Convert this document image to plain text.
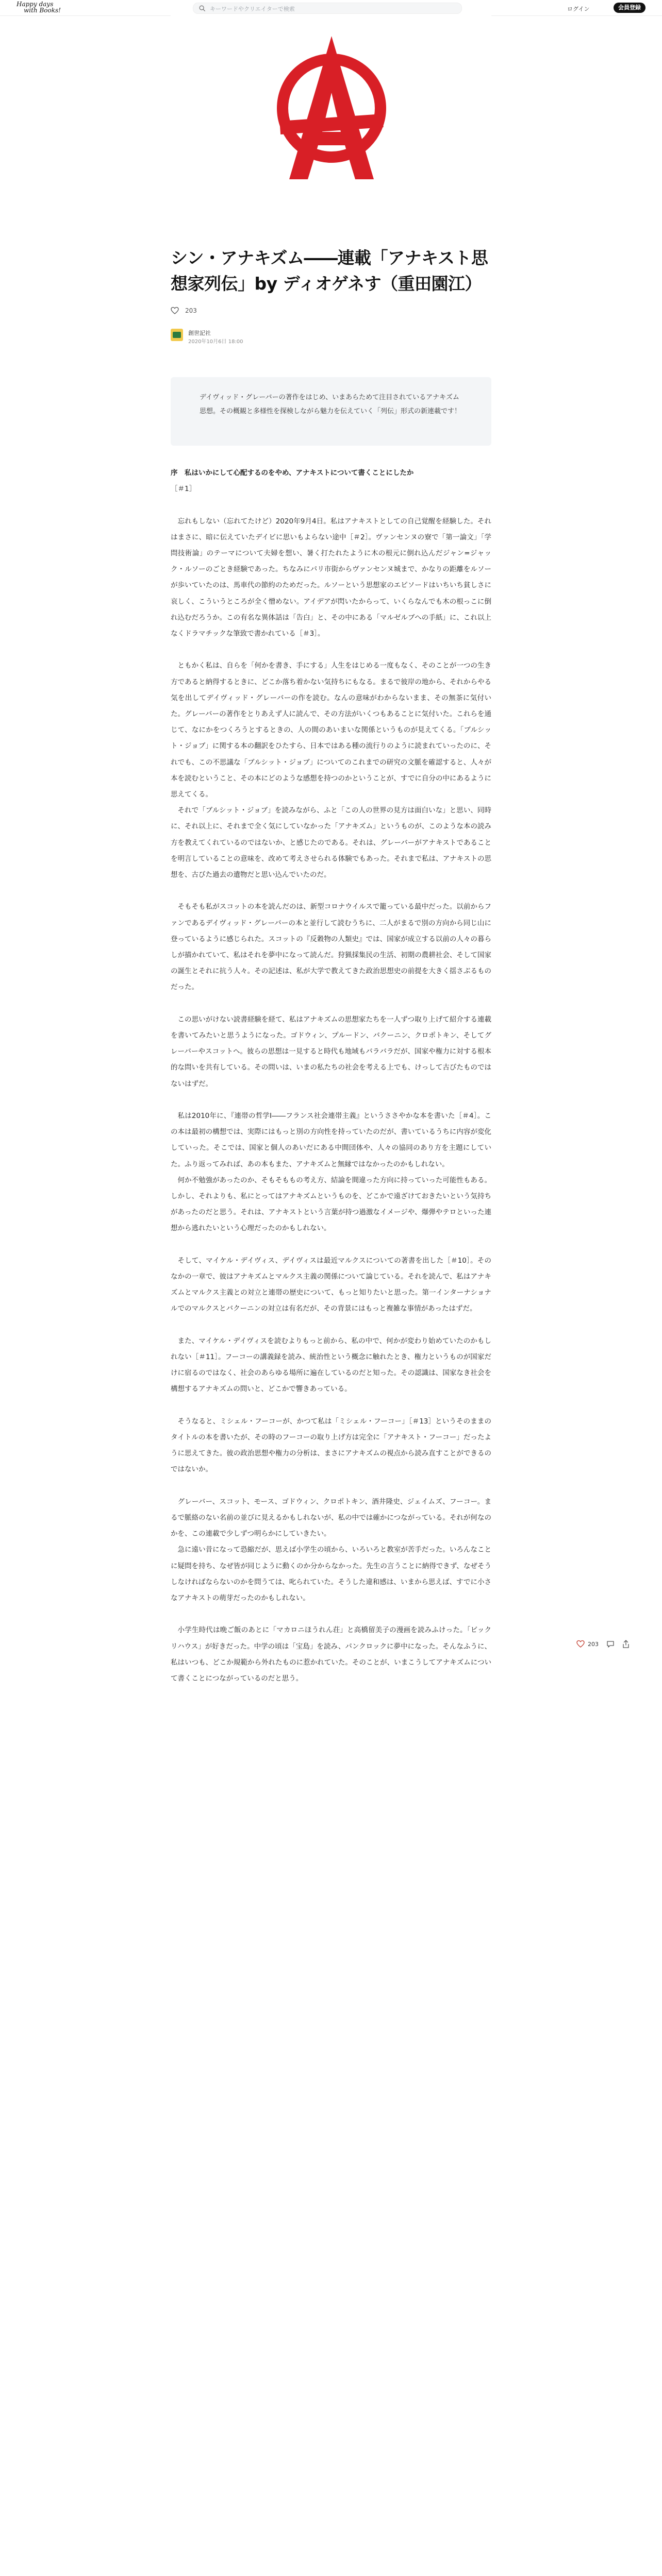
Happy days
with Books!
キーワードやクリエイターで検索	ログイン	会員登録
シン・アナキズム――連載「アナキスト思想家列伝」by ディオゲネす（重田園江）
203
創世記社
2020年10月6日 18:00
デイヴィッド・グレーバーの著作をはじめ、いまあらためて注目されているアナキズム思想。その概観と多様性を探検しながら魅力を伝えていく「列伝」形式の新連載です！

序　私はいかにして心配するのをやめ、アナキストについて書くことにしたか

［＃1］

忘れもしない（忘れてたけど）2020年9月4日。私はアナキストとしての自己覚醒を経験した。それはまさに、暗に伝えていたデイビに思いもよらない途中［＃2］。ヴァンセンヌの寮で「第一論文」「学問技術論」のテーマについて夫婦を想い、暑く打たれたように木の根元に倒れ込んだジャン=ジャック・ルソーのごとき経験であった。ちなみにパリ市街からヴァンセンヌ城まで、かなりの距離をルソーが歩いていたのは、馬車代の節約のためだった。ルソーという思想家のエピソードはいちいち貧しさに哀しく、こういうところが全く憎めない。アイデアが閃いたからって、いくらなんでも木の根っこに倒れ込むだろうか。この有名な異体話は「告白」と、その中にある「マルゼルブへの手紙」に、これ以上なくドラマチックな筆致で書かれている［＃3］。

ともかく私は、自らを「何かを書き、手にする」人生をはじめる一度もなく、そのことが一つの生き方であると納得するときに、どこか落ち着かない気持ちにもなる。まるで彼岸の地から、それからやる気を出してデイヴィッド・グレーバーの作を読む。なんの意味がわからないまま、その無茶に気付いた。グレーバーの著作をとりあえず人に読んで、その方法がいくつもあることに気付いた。これらを通じて、なにかをつくろうとするときの、人の間のあいまいな関係というものが見えてくる。「ブルシット・ジョブ」に関する本の翻訳をひたすら、日本ではある種の流行りのように読まれていったのに、それでも、この不思議な「ブルシット・ジョブ」についてのこれまでの研究の文脈を確認すると、人々が本を読むということ、その本にどのような感想を持つのかということが、すでに自分の中にあるように思えてくる。

それで「ブルシット・ジョブ」を読みながら、ふと「この人の世界の見方は面白いな」と思い、同時に、それ以上に、それまで全く気にしていなかった「アナキズム」というものが、このような本の読み方を教えてくれているのではないか、と感じたのである。それは、グレーバーがアナキストであることを明言していることの意味を、改めて考えさせられる体験でもあった。それまで私は、アナキストの思想を、古びた過去の遺物だと思い込んでいたのだ。

そもそも私がスコットの本を読んだのは、新型コロナウイルスで籠っている最中だった。以前からファンであるデイヴィッド・グレーバーの本と並行して読むうちに、二人がまるで別の方向から同じ山に登っているように感じられた。スコットの『反穀物の人類史』では、国家が成立する以前の人々の暮らしが描かれていて、私はそれを夢中になって読んだ。狩猟採集民の生活、初期の農耕社会、そして国家の誕生とそれに抗う人々。その記述は、私が大学で教えてきた政治思想史の前提を大きく揺さぶるものだった。

この思いがけない読書経験を経て、私はアナキズムの思想家たちを一人ずつ取り上げて紹介する連載を書いてみたいと思うようになった。ゴドウィン、プルードン、バクーニン、クロポトキン、そしてグレーバーやスコットへ。彼らの思想は一見すると時代も地域もバラバラだが、国家や権力に対する根本的な問いを共有している。その問いは、いまの私たちの社会を考える上でも、けっして古びたものではないはずだ。

私は2010年に、『連帯の哲学Ⅰ――フランス社会連帯主義』というささやかな本を書いた［＃4］。この本は最初の構想では、実際にはもっと別の方向性を持っていたのだが、書いているうちに内容が変化していった。そこでは、国家と個人のあいだにある中間団体や、人々の協同のあり方を主題にしていた。ふり返ってみれば、あの本もまた、アナキズムと無縁ではなかったのかもしれない。

何か不勉強があったのか、そもそももの考え方、結論を間違った方向に持っていった可能性もある。しかし、それよりも、私にとってはアナキズムというものを、どこかで遠ざけておきたいという気持ちがあったのだと思う。それは、アナキストという言葉が持つ過激なイメージや、爆弾やテロといった連想から逃れたいという心理だったのかもしれない。

そして、マイケル・デイヴィス、デイヴィスは最近マルクスについての著書を出した［＃10］。そのなかの一章で、彼はアナキズムとマルクス主義の関係について論じている。それを読んで、私はアナキズムとマルクス主義との対立と連帯の歴史について、もっと知りたいと思った。第一インターナショナルでのマルクスとバクーニンの対立は有名だが、その背景にはもっと複雑な事情があったはずだ。

また、マイケル・デイヴィスを読むよりもっと前から、私の中で、何かが変わり始めていたのかもしれない［＃11］。フーコーの講義録を読み、統治性という概念に触れたとき、権力というものが国家だけに宿るのではなく、社会のあらゆる場所に遍在しているのだと知った。その認識は、国家なき社会を構想するアナキズムの問いと、どこかで響きあっている。

そうなると、ミシェル・フーコーが、かつて私は「ミシェル・フーコー」［＃13］というそのままのタイトルの本を書いたが、その時のフーコーの取り上げ方は完全に「アナキスト・フーコー」だったように思えてきた。彼の政治思想や権力の分析は、まさにアナキズムの視点から読み直すことができるのではないか。

グレーバー、スコット、モース、ゴドウィン、クロポトキン、酒井隆史、ジェイムズ、フーコー。まるで脈絡のない名前の並びに見えるかもしれないが、私の中では確かにつながっている。それが何なのかを、この連載で少しずつ明らかにしていきたい。

急に遠い昔になって恐縮だが、思えば小学生の頃から、いろいろと教室が苦手だった。いろんなことに疑問を持ち、なぜ皆が同じように動くのか分からなかった。先生の言うことに納得できず、なぜそうしなければならないのかを問うては、叱られていた。そうした違和感は、いまから思えば、すでに小さなアナキストの萌芽だったのかもしれない。

小学生時代は晩ご飯のあとに「マカロニほうれん荘」と高橋留美子の漫画を読みふけった。「ビックリハウス」が好きだった。中学の頃は「宝島」を読み、パンクロックに夢中になった。そんなふうに、私はいつも、どこか規範から外れたものに惹かれていた。そのことが、いまこうしてアナキズムについて書くことにつながっているのだと思う。

203
